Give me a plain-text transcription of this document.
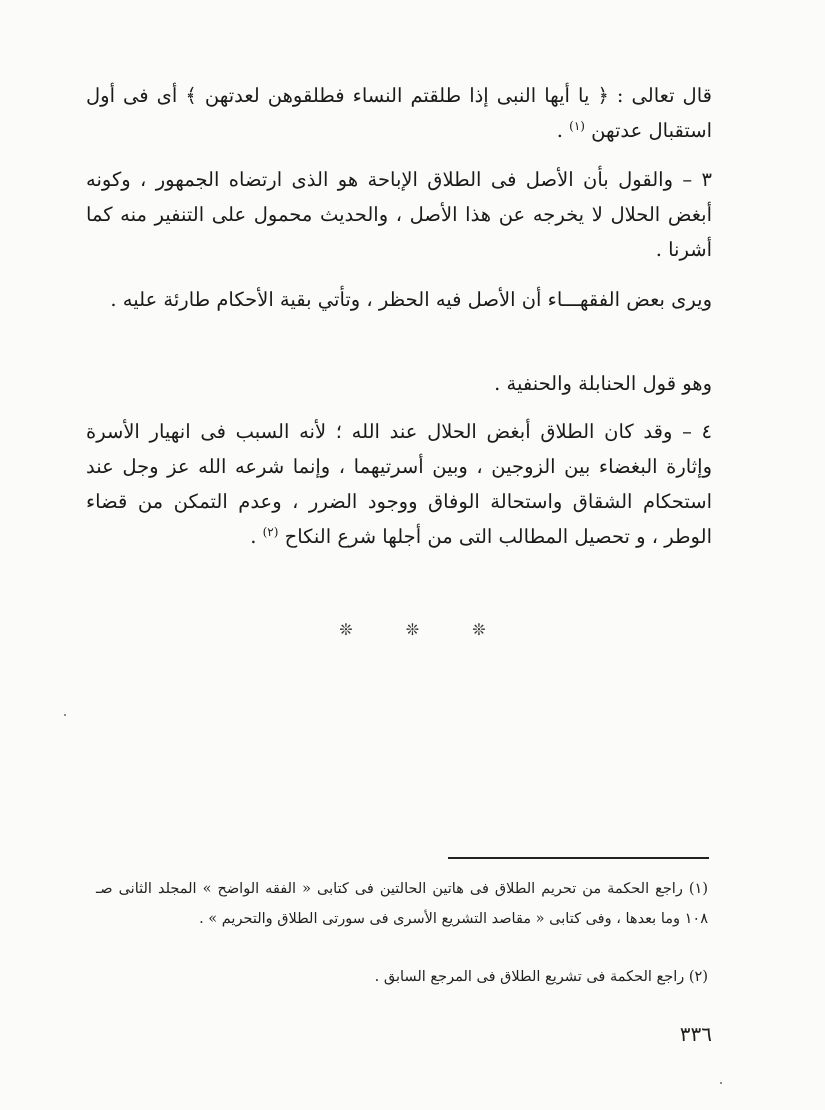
قال تعالى : ﴿ يا أيها النبى إذا طلقتم النساء فطلقوهن لعدتهن ﴾ أى فى أول استقبال عدتهن $^{(١)}$ .

٣ – والقول بأن الأصل فى الطلاق الإباحة هو الذى ارتضاه الجمهور ، وكونه أبغض الحلال لا يخرجه عن هذا الأصل ، والحديث محمول على التنفير منه كما أشرنا .

ويرى بعض الفقهـــاء أن الأصل فيه الحظر ، وتأتي بقية الأحكام طارئة عليه .

وهو قول الحنابلة والحنفية .

٤ – وقد كان الطلاق أبغض الحلال عند الله ؛ لأنه السبب فى انهيار الأسرة وإثارة البغضاء بين الزوجين ، وبين أسرتيهما ، وإنما شرعه الله عز وجل عند استحكام الشقاق واستحالة الوفاق ووجود الضرر ، وعدم التمكن من قضاء الوطر ، و تحصيل المطالب التى من أجلها شرع النكاح $^{(٢)}$ .

❊	❊	❊

(١) راجع الحكمة من تحريم الطلاق فى هاتين الحالتين فى كتابى « الفقه الواضح » المجلد الثانى صـ ١٠٨ وما بعدها ، وفى كتابى « مقاصد التشريع الأسرى فى سورتى الطلاق والتحريم » .

(٢) راجع الحكمة فى تشريع الطلاق فى المرجع السابق .

٣٣٦
